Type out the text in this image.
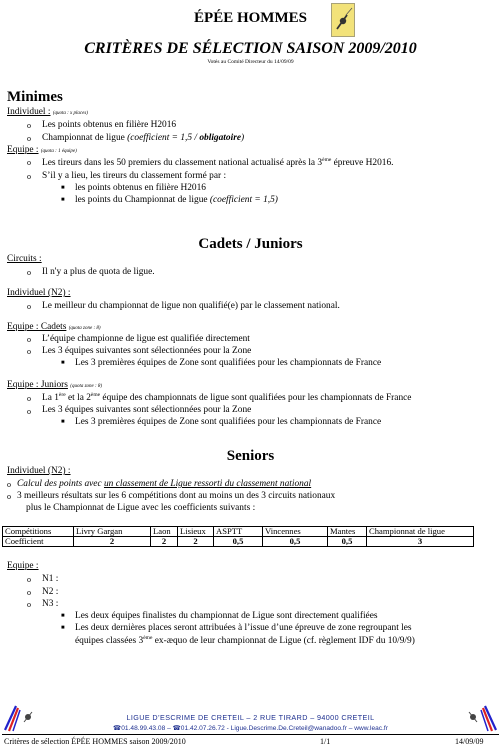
ÉPÉE HOMMES
CRITÈRES DE SÉLECTION SAISON 2009/2010
Votés au Comité Directeur du 14/09/09
Minimes
Individuel : (quota : x places)
o Les points obtenus en filière H2016
o Championnat de ligue (coefficient = 1,5 / obligatoire)
Equipe : (quota : 1 équipe)
o Les tireurs dans les 50 premiers du classement national actualisé après la 3ème épreuve H2016.
o S’il y a lieu, les tireurs du classement formé par :
■ les points obtenus en filière H2016
■ les points du Championnat de ligue (coefficient = 1,5)
Cadets / Juniors
Circuits :
o Il n'y a plus de quota de ligue.
Individuel (N2) :
o Le meilleur du championnat de ligue non qualifié(e) par le classement national.
Equipe : Cadets (quota zone : 8)
o L’équipe championne de ligue est qualifiée directement
o Les 3 équipes suivantes sont sélectionnées pour la Zone
■ Les 3 premières équipes de Zone sont qualifiées pour les championnats de France
Equipe : Juniors (quota zone : 8)
o La 1ère et la 2ème équipe des championnats de ligue sont qualifiées pour les championnats de France
o Les 3 équipes suivantes sont sélectionnées pour la Zone
■ Les 3 premières équipes de Zone sont qualifiées pour les championnats de France
Seniors
Individuel (N2) :
o Calcul des points avec un classement de Ligue ressorti du classement national
o 3 meilleurs résultats sur les 6 compétitions dont au moins un des 3 circuits nationaux
plus le Championnat de Ligue avec les coefficients suivants :
Compétitions	Livry Gargan	Laon	Lisieux	ASPTT	Vincennes	Mantes	Championnat de ligue
Coefficient	2	2	2	0,5	0,5	0,5	3
Equipe :
o N1 :
o N2 :
o N3 :
■ Les deux équipes finalistes du championnat de Ligue sont directement qualifiées
■ Les deux dernières places seront attribuées à l’issue d’une épreuve de zone regroupant les
équipes classées 3ème ex-æquo de leur championnat de Ligue (cf. règlement IDF du 10/9/9)
LIGUE D’ESCRIME DE CRETEIL – 2 RUE TIRARD – 94000 CRETEIL
☎01.48.99.43.08 – ☎01.42.07.26.72 - Ligue.Descrime.De.Creteil@wanadoo.fr – www.leac.fr
Critères de sélection ÉPÉE HOMMES saison 2009/2010	1/1	14/09/09
